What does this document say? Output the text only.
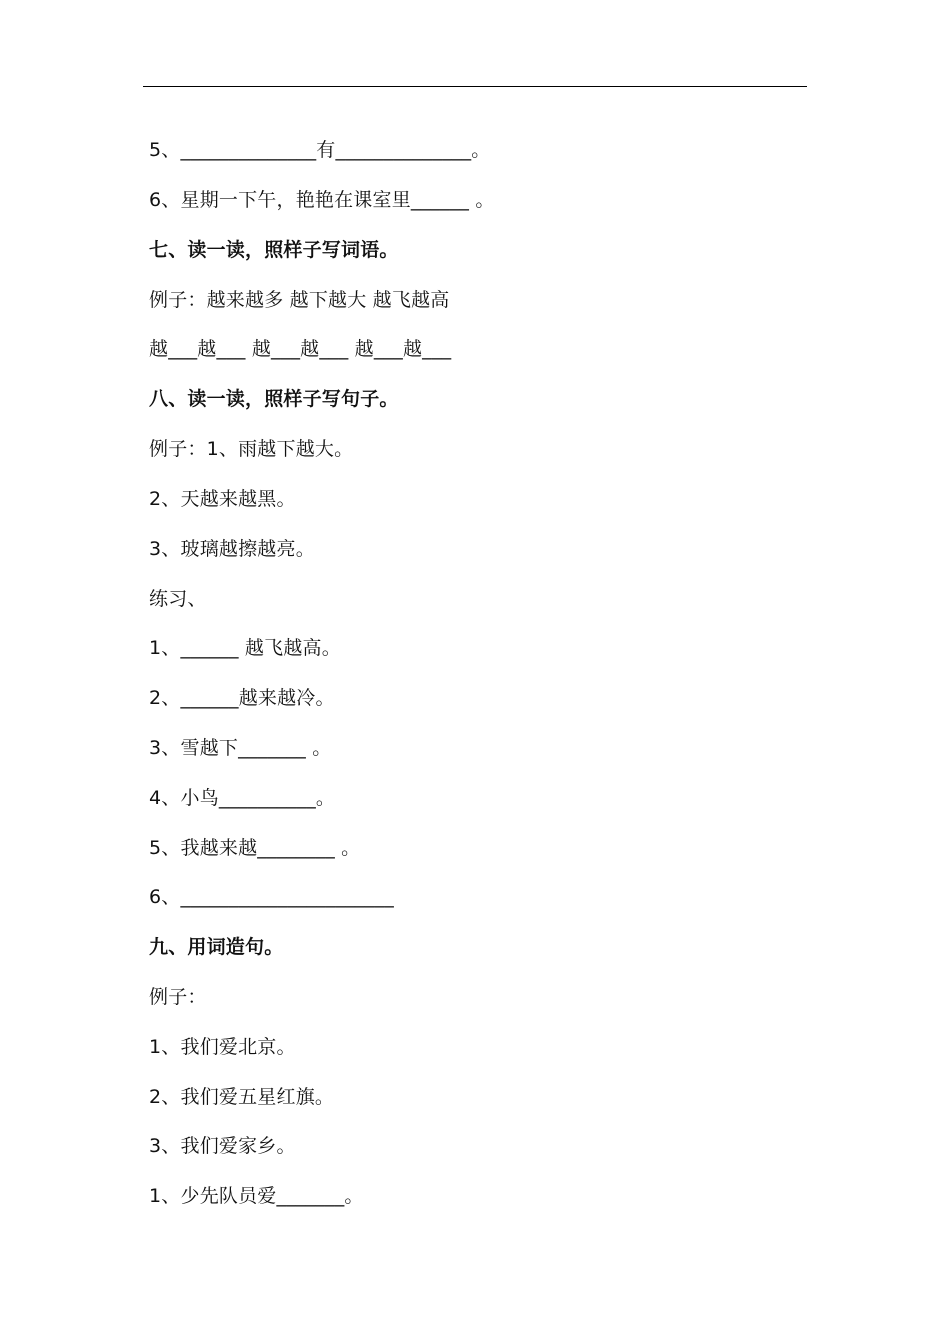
5、______________有______________。
6、星期一下午，艳艳在课室里______ 。
七、读一读，照样子写词语。
例子：越来越多 越下越大 越飞越高
越___越___ 越___越___ 越___越___
八、读一读，照样子写句子。
例子：1、雨越下越大。
2、天越来越黑。
3、玻璃越擦越亮。
练习、
1、______ 越飞越高。
2、______越来越冷。
3、雪越下_______ 。
4、小鸟__________。
5、我越来越________ 。
6、______________________
九、用词造句。
例子：
1、我们爱北京。
2、我们爱五星红旗。
3、我们爱家乡。
1、少先队员爱_______。
